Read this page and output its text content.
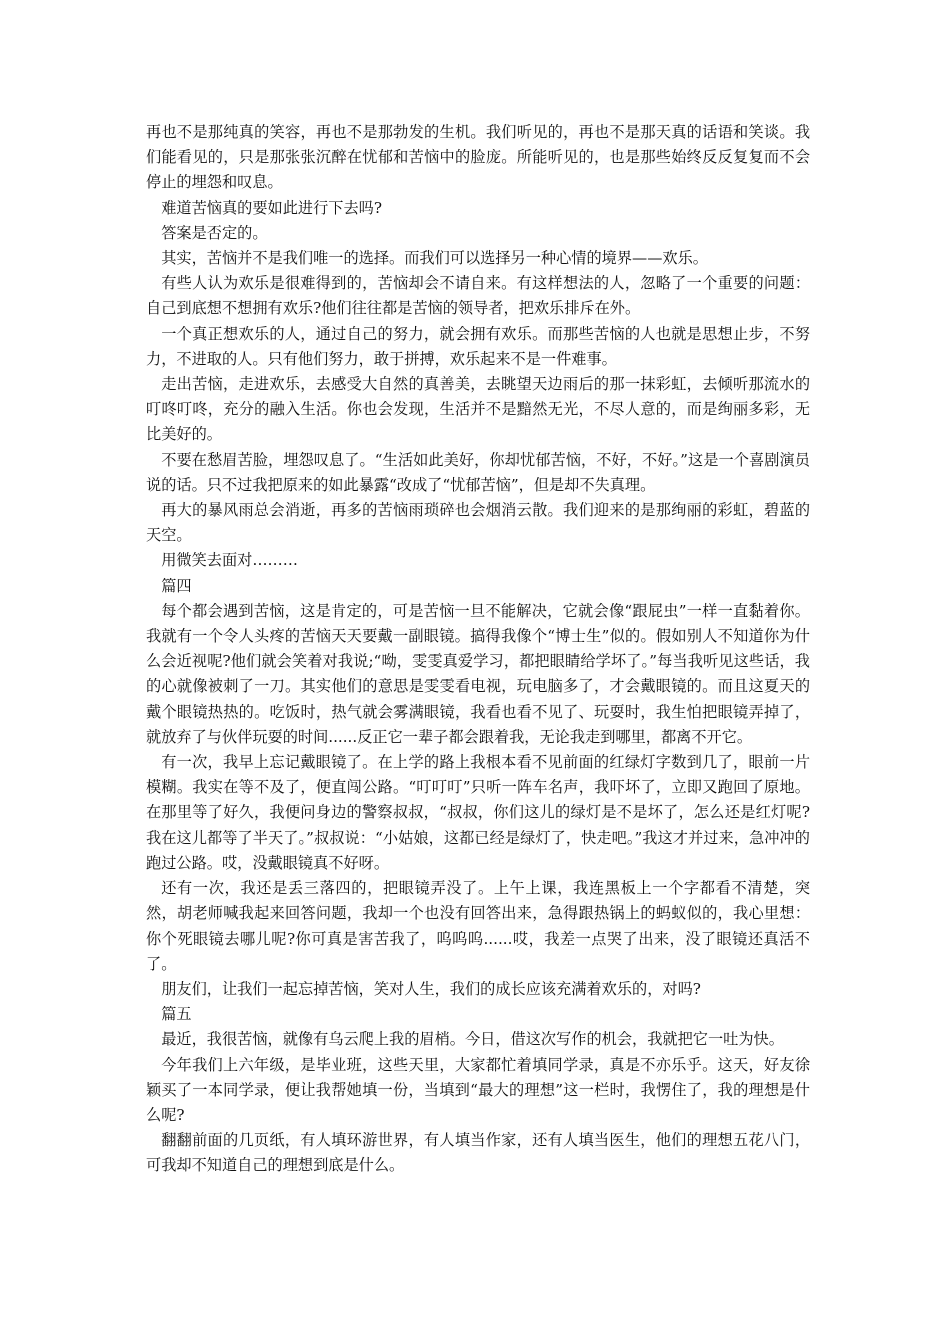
再也不是那纯真的笑容，再也不是那勃发的生机。我们听见的，再也不是那天真的话语和笑谈。我们能看见的，只是那张张沉醉在忧郁和苦恼中的脸庞。所能听见的，也是那些始终反反复复而不会停止的埋怨和叹息。

难道苦恼真的要如此进行下去吗?

答案是否定的。

其实，苦恼并不是我们唯一的选择。而我们可以选择另一种心情的境界——欢乐。

有些人认为欢乐是很难得到的，苦恼却会不请自来。有这样想法的人，忽略了一个重要的问题：自己到底想不想拥有欢乐?他们往往都是苦恼的领导者，把欢乐排斥在外。

一个真正想欢乐的人，通过自己的努力，就会拥有欢乐。而那些苦恼的人也就是思想止步，不努力，不进取的人。只有他们努力，敢于拼搏，欢乐起来不是一件难事。

走出苦恼，走进欢乐，去感受大自然的真善美，去眺望天边雨后的那一抹彩虹，去倾听那流水的叮咚叮咚，充分的融入生活。你也会发现，生活并不是黯然无光，不尽人意的，而是绚丽多彩，无比美好的。

不要在愁眉苦脸，埋怨叹息了。“生活如此美好，你却忧郁苦恼，不好，不好。”这是一个喜剧演员说的话。只不过我把原来的如此暴露“改成了“忧郁苦恼”，但是却不失真理。

再大的暴风雨总会消逝，再多的苦恼雨琐碎也会烟消云散。我们迎来的是那绚丽的彩虹，碧蓝的天空。

用微笑去面对………

篇四

每个都会遇到苦恼，这是肯定的，可是苦恼一旦不能解决，它就会像“跟屁虫”一样一直黏着你。我就有一个令人头疼的苦恼天天要戴一副眼镜。搞得我像个“博士生”似的。假如别人不知道你为什么会近视呢?他们就会笑着对我说;“呦，雯雯真爱学习，都把眼睛给学坏了。”每当我听见这些话，我的心就像被刺了一刀。其实他们的意思是雯雯看电视，玩电脑多了，才会戴眼镜的。而且这夏天的戴个眼镜热热的。吃饭时，热气就会雾满眼镜，我看也看不见了、玩耍时，我生怕把眼镜弄掉了，就放弃了与伙伴玩耍的时间......反正它一辈子都会跟着我，无论我走到哪里，都离不开它。

有一次，我早上忘记戴眼镜了。在上学的路上我根本看不见前面的红绿灯字数到几了，眼前一片模糊。我实在等不及了，便直闯公路。“叮叮叮”只听一阵车名声，我吓坏了，立即又跑回了原地。在那里等了好久，我便问身边的警察叔叔，“叔叔，你们这儿的绿灯是不是坏了，怎么还是红灯呢?我在这儿都等了半天了。”叔叔说：“小姑娘，这都已经是绿灯了，快走吧。”我这才并过来，急冲冲的跑过公路。哎，没戴眼镜真不好呀。

还有一次，我还是丢三落四的，把眼镜弄没了。上午上课，我连黑板上一个字都看不清楚，突然，胡老师喊我起来回答问题，我却一个也没有回答出来，急得跟热锅上的蚂蚁似的，我心里想：你个死眼镜去哪儿呢?你可真是害苦我了，呜呜呜......哎，我差一点哭了出来，没了眼镜还真活不了。

朋友们，让我们一起忘掉苦恼，笑对人生，我们的成长应该充满着欢乐的，对吗?

篇五

最近，我很苦恼，就像有乌云爬上我的眉梢。今日，借这次写作的机会，我就把它一吐为快。

今年我们上六年级，是毕业班，这些天里，大家都忙着填同学录，真是不亦乐乎。这天，好友徐颖买了一本同学录，便让我帮她填一份，当填到“最大的理想”这一栏时，我愣住了，我的理想是什么呢?

翻翻前面的几页纸，有人填环游世界，有人填当作家，还有人填当医生，他们的理想五花八门，可我却不知道自己的理想到底是什么。
